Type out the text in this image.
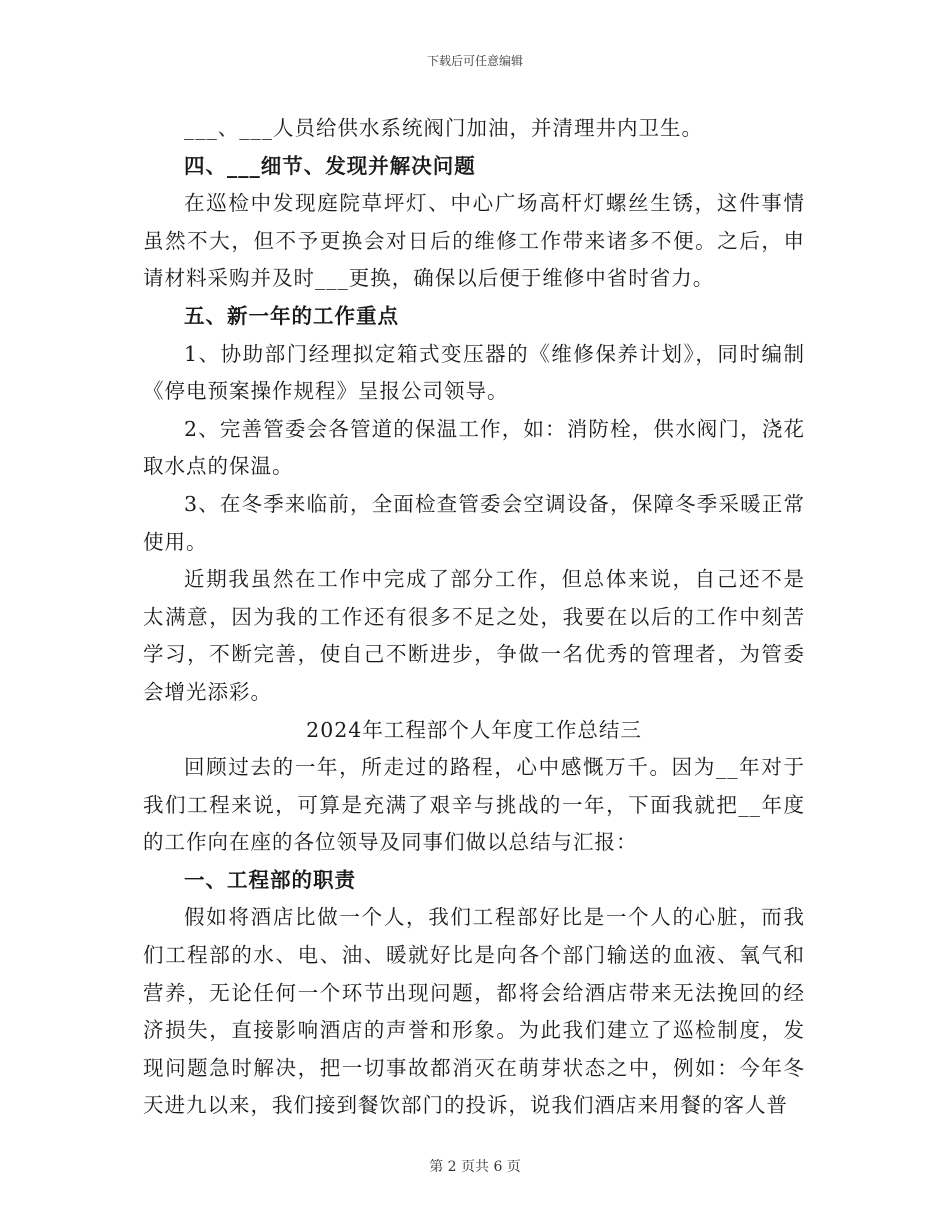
下载后可任意编辑

___、___人员给供水系统阀门加油，并清理井内卫生。

四、___细节、发现并解决问题

在巡检中发现庭院草坪灯、中心广场高杆灯螺丝生锈，这件事情虽然不大，但不予更换会对日后的维修工作带来诸多不便。之后，申请材料采购并及时___更换，确保以后便于维修中省时省力。

五、新一年的工作重点

1、协助部门经理拟定箱式变压器的《维修保养计划》，同时编制《停电预案操作规程》呈报公司领导。

2、完善管委会各管道的保温工作，如：消防栓，供水阀门，浇花取水点的保温。

3、在冬季来临前，全面检查管委会空调设备，保障冬季采暖正常使用。

近期我虽然在工作中完成了部分工作，但总体来说，自己还不是太满意，因为我的工作还有很多不足之处，我要在以后的工作中刻苦学习，不断完善，使自己不断进步，争做一名优秀的管理者，为管委会增光添彩。

2024年工程部个人年度工作总结三

回顾过去的一年，所走过的路程，心中感慨万千。因为__年对于我们工程来说，可算是充满了艰辛与挑战的一年，下面我就把__年度的工作向在座的各位领导及同事们做以总结与汇报：

一、工程部的职责

假如将酒店比做一个人，我们工程部好比是一个人的心脏，而我们工程部的水、电、油、暖就好比是向各个部门输送的血液、氧气和营养，无论任何一个环节出现问题，都将会给酒店带来无法挽回的经济损失，直接影响酒店的声誉和形象。为此我们建立了巡检制度，发现问题急时解决，把一切事故都消灭在萌芽状态之中，例如：今年冬天进九以来，我们接到餐饮部门的投诉，说我们酒店来用餐的客人普

第 2 页共 6 页
